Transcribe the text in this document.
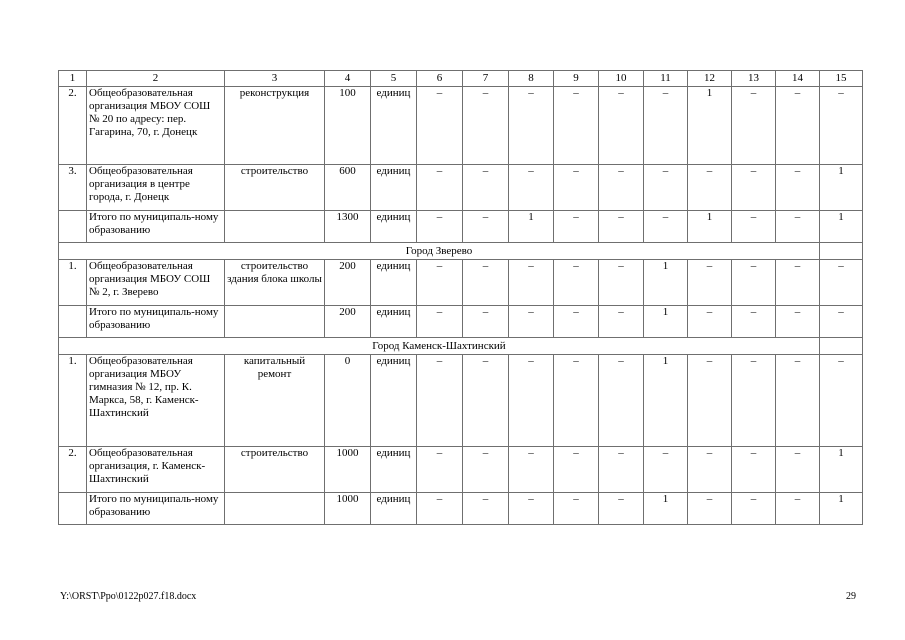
1	2	3	4	5	6	7	8	9	10	11	12	13	14	15
2.	Общеобразовательная организация МБОУ СОШ № 20 по адресу: пер. Гагарина, 70, г. Донецк	реконструкция	100	единиц	–	–	–	–	–	–	1	–	–	–
3.	Общеобразовательная организация в центре города, г. Донецк	строительство	600	единиц	–	–	–	–	–	–	–	–	–	1
	Итого по муниципаль-ному образованию		1300	единиц	–	–	1	–	–	–	1	–	–	1
Город Зверево														
1.	Общеобразовательная организация МБОУ СОШ № 2, г. Зверево	строительство здания блока школы	200	единиц	–	–	–	–	–	1	–	–	–	–
	Итого по муниципаль-ному образованию		200	единиц	–	–	–	–	–	1	–	–	–	–
Город Каменск-Шахтинский														
1.	Общеобразовательная организация МБОУ гимназия № 12, пр. К. Маркса, 58, г. Каменск-Шахтинский	капитальный ремонт	0	единиц	–	–	–	–	–	1	–	–	–	–
2.	Общеобразовательная организация, г. Каменск-Шахтинский	строительство	1000	единиц	–	–	–	–	–	–	–	–	–	1
	Итого по муниципаль-ному образованию		1000	единиц	–	–	–	–	–	1	–	–	–	1
Y:\ORST\Ppo\0122p027.f18.docx	29
